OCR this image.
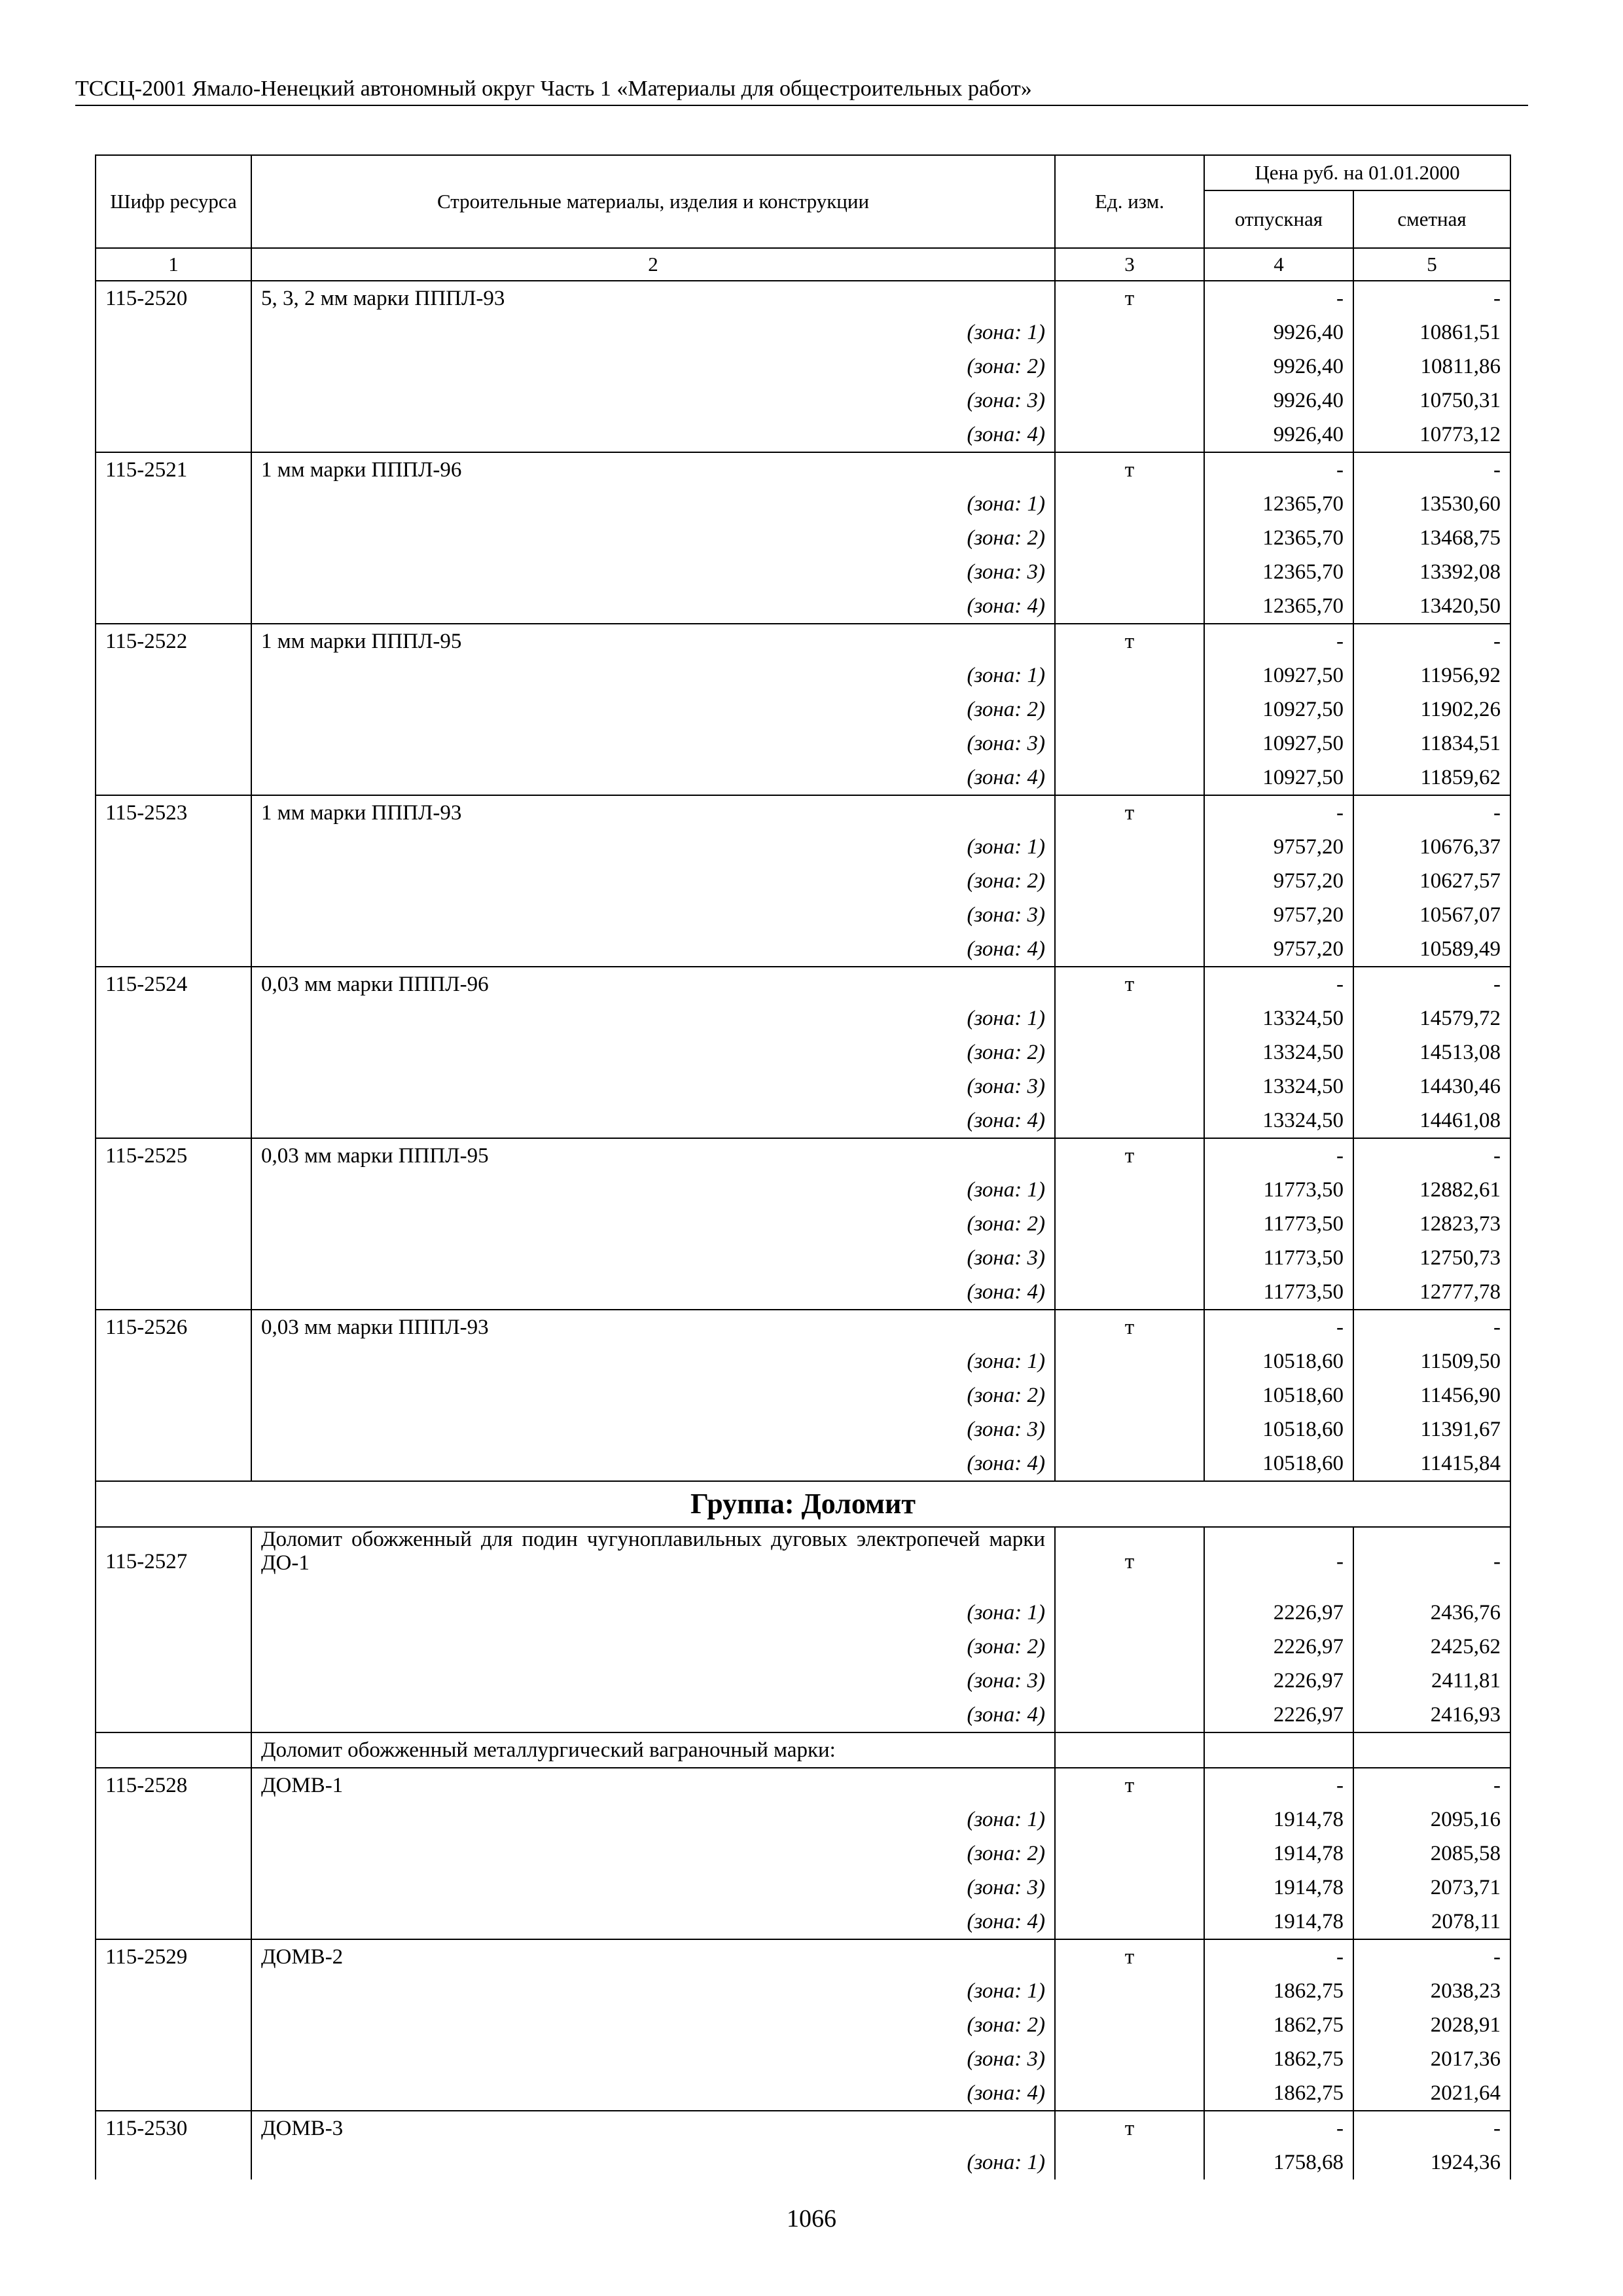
ТССЦ-2001 Ямало-Ненецкий автономный округ Часть 1 «Материалы для общестроительных работ»
Шифр ресурса	Строительные материалы, изделия и конструкции	Ед. изм.	Цена руб. на 01.01.2000	
			отпускная	сметная
1	2	3	4	5
115-2520	5, 3, 2 мм марки ПППЛ-93	т	-	-
	(зона: 1)		9926,40	10861,51
	(зона: 2)		9926,40	10811,86
	(зона: 3)		9926,40	10750,31
	(зона: 4)		9926,40	10773,12
115-2521	1 мм марки ПППЛ-96	т	-	-
	(зона: 1)		12365,70	13530,60
	(зона: 2)		12365,70	13468,75
	(зона: 3)		12365,70	13392,08
	(зона: 4)		12365,70	13420,50
115-2522	1 мм марки ПППЛ-95	т	-	-
	(зона: 1)		10927,50	11956,92
	(зона: 2)		10927,50	11902,26
	(зона: 3)		10927,50	11834,51
	(зона: 4)		10927,50	11859,62
115-2523	1 мм марки ПППЛ-93	т	-	-
	(зона: 1)		9757,20	10676,37
	(зона: 2)		9757,20	10627,57
	(зона: 3)		9757,20	10567,07
	(зона: 4)		9757,20	10589,49
115-2524	0,03 мм марки ПППЛ-96	т	-	-
	(зона: 1)		13324,50	14579,72
	(зона: 2)		13324,50	14513,08
	(зона: 3)		13324,50	14430,46
	(зона: 4)		13324,50	14461,08
115-2525	0,03 мм марки ПППЛ-95	т	-	-
	(зона: 1)		11773,50	12882,61
	(зона: 2)		11773,50	12823,73
	(зона: 3)		11773,50	12750,73
	(зона: 4)		11773,50	12777,78
115-2526	0,03 мм марки ПППЛ-93	т	-	-
	(зона: 1)		10518,60	11509,50
	(зона: 2)		10518,60	11456,90
	(зона: 3)		10518,60	11391,67
	(зона: 4)		10518,60	11415,84
Группа: Доломит				
115-2527	Доломит обожженный для подин чугуноплавильных дуговых электропечей марки ДО-1	т	-	-
	(зона: 1)		2226,97	2436,76
	(зона: 2)		2226,97	2425,62
	(зона: 3)		2226,97	2411,81
	(зона: 4)		2226,97	2416,93
	Доломит обожженный металлургический ваграночный марки:			
115-2528	ДОМВ-1	т	-	-
	(зона: 1)		1914,78	2095,16
	(зона: 2)		1914,78	2085,58
	(зона: 3)		1914,78	2073,71
	(зона: 4)		1914,78	2078,11
115-2529	ДОМВ-2	т	-	-
	(зона: 1)		1862,75	2038,23
	(зона: 2)		1862,75	2028,91
	(зона: 3)		1862,75	2017,36
	(зона: 4)		1862,75	2021,64
115-2530	ДОМВ-3	т	-	-
	(зона: 1)		1758,68	1924,36
1066
